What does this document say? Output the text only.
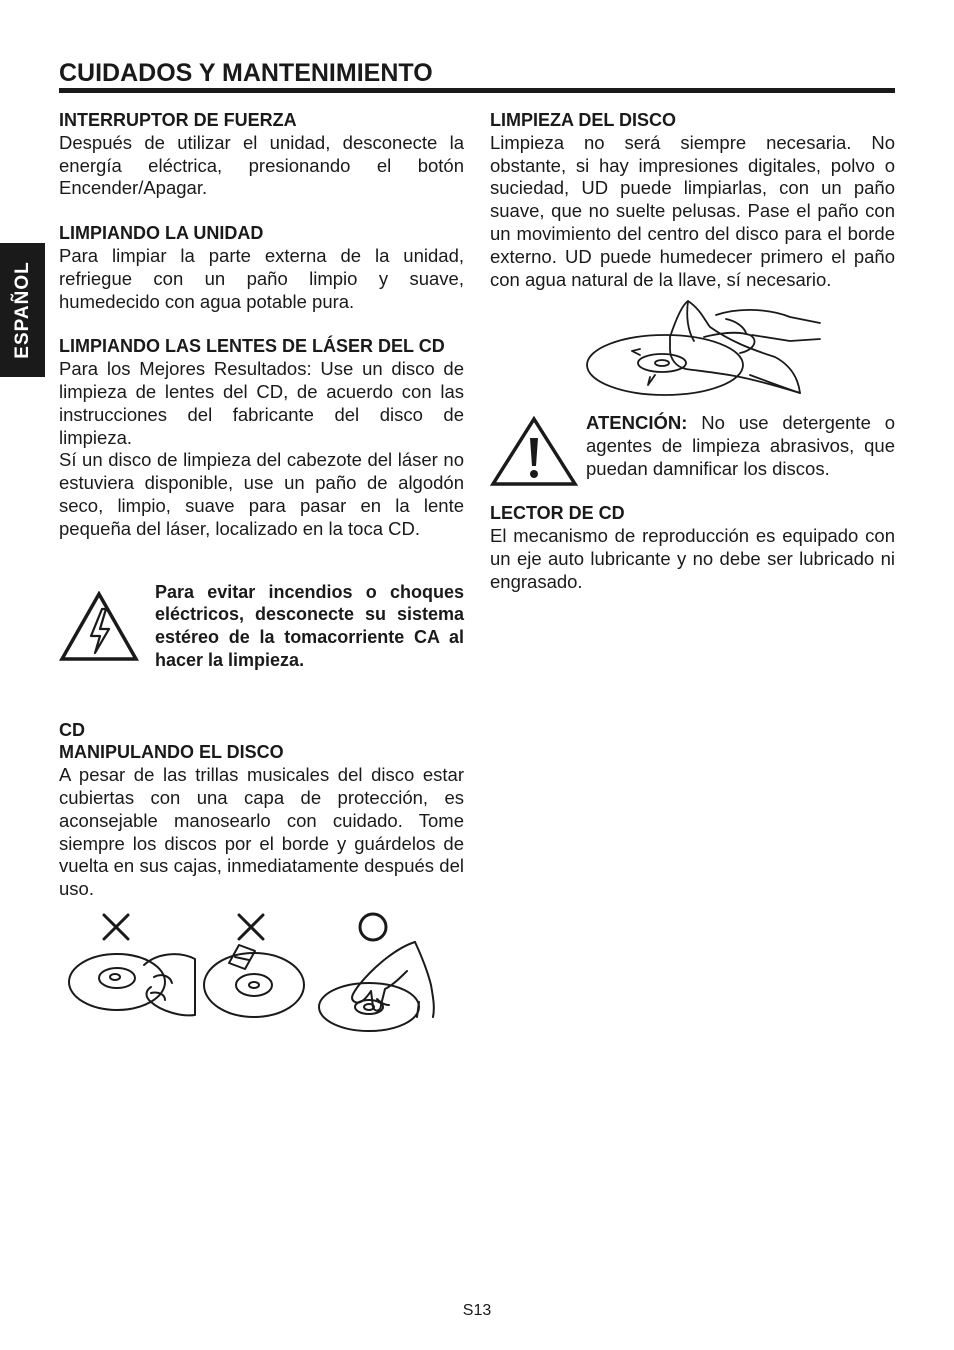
CUIDADOS Y MANTENIMIENTO
ESPAÑOL

INTERRUPTOR DE FUERZA

Después de utilizar el unidad, desconecte la energía eléctrica, presionando el botón Encender/Apagar.

LIMPIANDO LA UNIDAD

Para limpiar la parte externa de la unidad, refriegue con un paño limpio y suave, humedecido con agua potable pura.

LIMPIANDO LAS LENTES DE LÁSER DEL CD

Para los Mejores Resultados: Use un disco de limpieza de lentes del CD, de acuerdo con las instrucciones del fabricante del disco de limpieza.

Sí un disco de limpieza del cabezote del láser no estuviera disponible, use un paño de algodón seco, limpio, suave para pasar en la lente pequeña del láser, localizado en la toca CD.

Para evitar incendios o choques eléctricos, desconecte su sistema estéreo de la tomacorriente CA al hacer la limpieza.

CD

MANIPULANDO EL DISCO

A pesar de las trillas musicales del disco estar cubiertas con una capa de protección, es aconsejable manosearlo con cuidado. Tome siempre los discos por el borde y guárdelos de vuelta en sus cajas, inmediatamente después del uso.

LIMPIEZA DEL DISCO

Limpieza no será siempre necesaria. No obstante, si hay impresiones digitales, polvo o suciedad, UD puede limpiarlas, con un paño suave, que no suelte pelusas. Pase el paño con un movimiento del centro del disco para el borde externo. UD puede humedecer primero el paño con agua natural de la llave, sí necesario.

ATENCIÓN: No use detergente o agentes de limpieza abrasivos, que puedan damnificar los discos.

LECTOR DE CD

El mecanismo de reproducción es equipado con un eje auto lubricante y no debe ser lubricado ni engrasado.

S13
